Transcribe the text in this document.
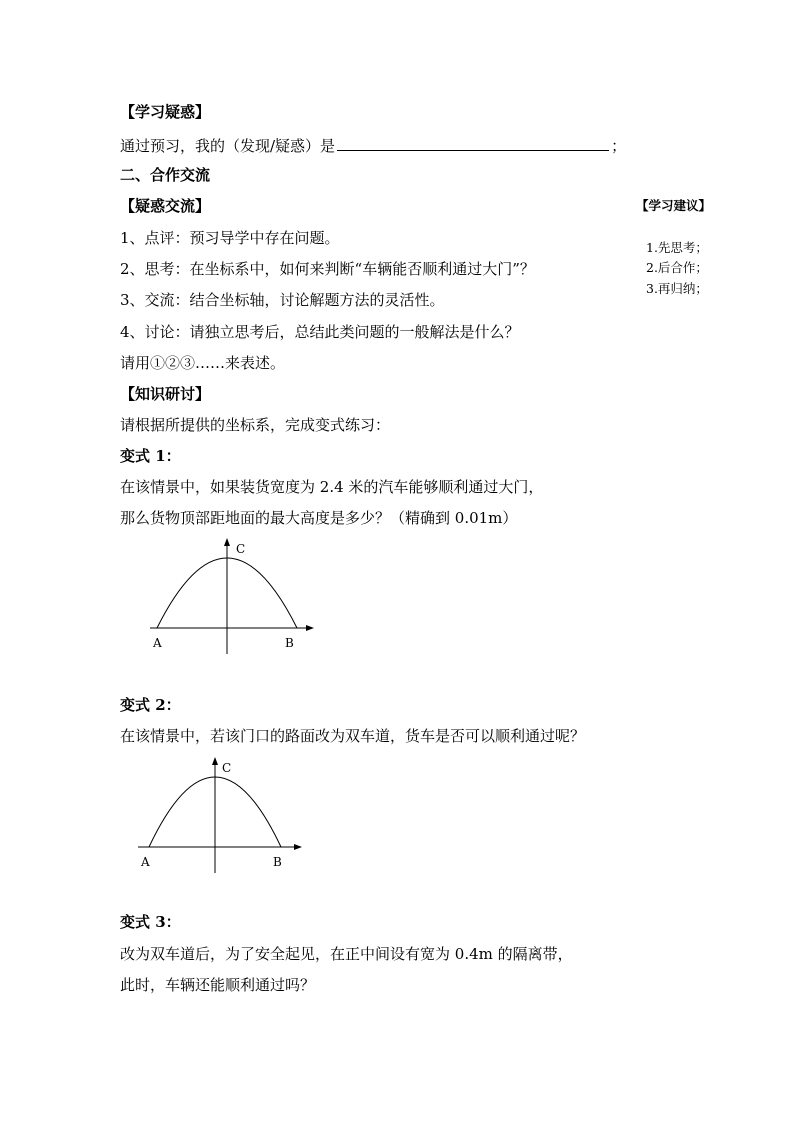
【学习疑惑】
通过预习，我的（发现/疑惑）是	；
二、合作交流
【疑惑交流】
1、点评：预习导学中存在问题。
2、思考：在坐标系中，如何来判断“车辆能否顺利通过大门”？
3、交流：结合坐标轴，讨论解题方法的灵活性。
4、讨论：请独立思考后，总结此类问题的一般解法是什么？
请用①②③……来表述。
【学习建议】
1.先思考；
2.后合作；
3.再归纳；
【知识研讨】
请根据所提供的坐标系，完成变式练习：
变式 1：
在该情景中，如果装货宽度为 2.4 米的汽车能够顺利通过大门，
那么货物顶部距地面的最大高度是多少？（精确到 0.01m）
A	B
C
变式 2：
在该情景中，若该门口的路面改为双车道，货车是否可以顺利通过呢？
A	B
C
变式 3：
改为双车道后，为了安全起见，在正中间设有宽为 0.4m 的隔离带，
此时，车辆还能顺利通过吗？
